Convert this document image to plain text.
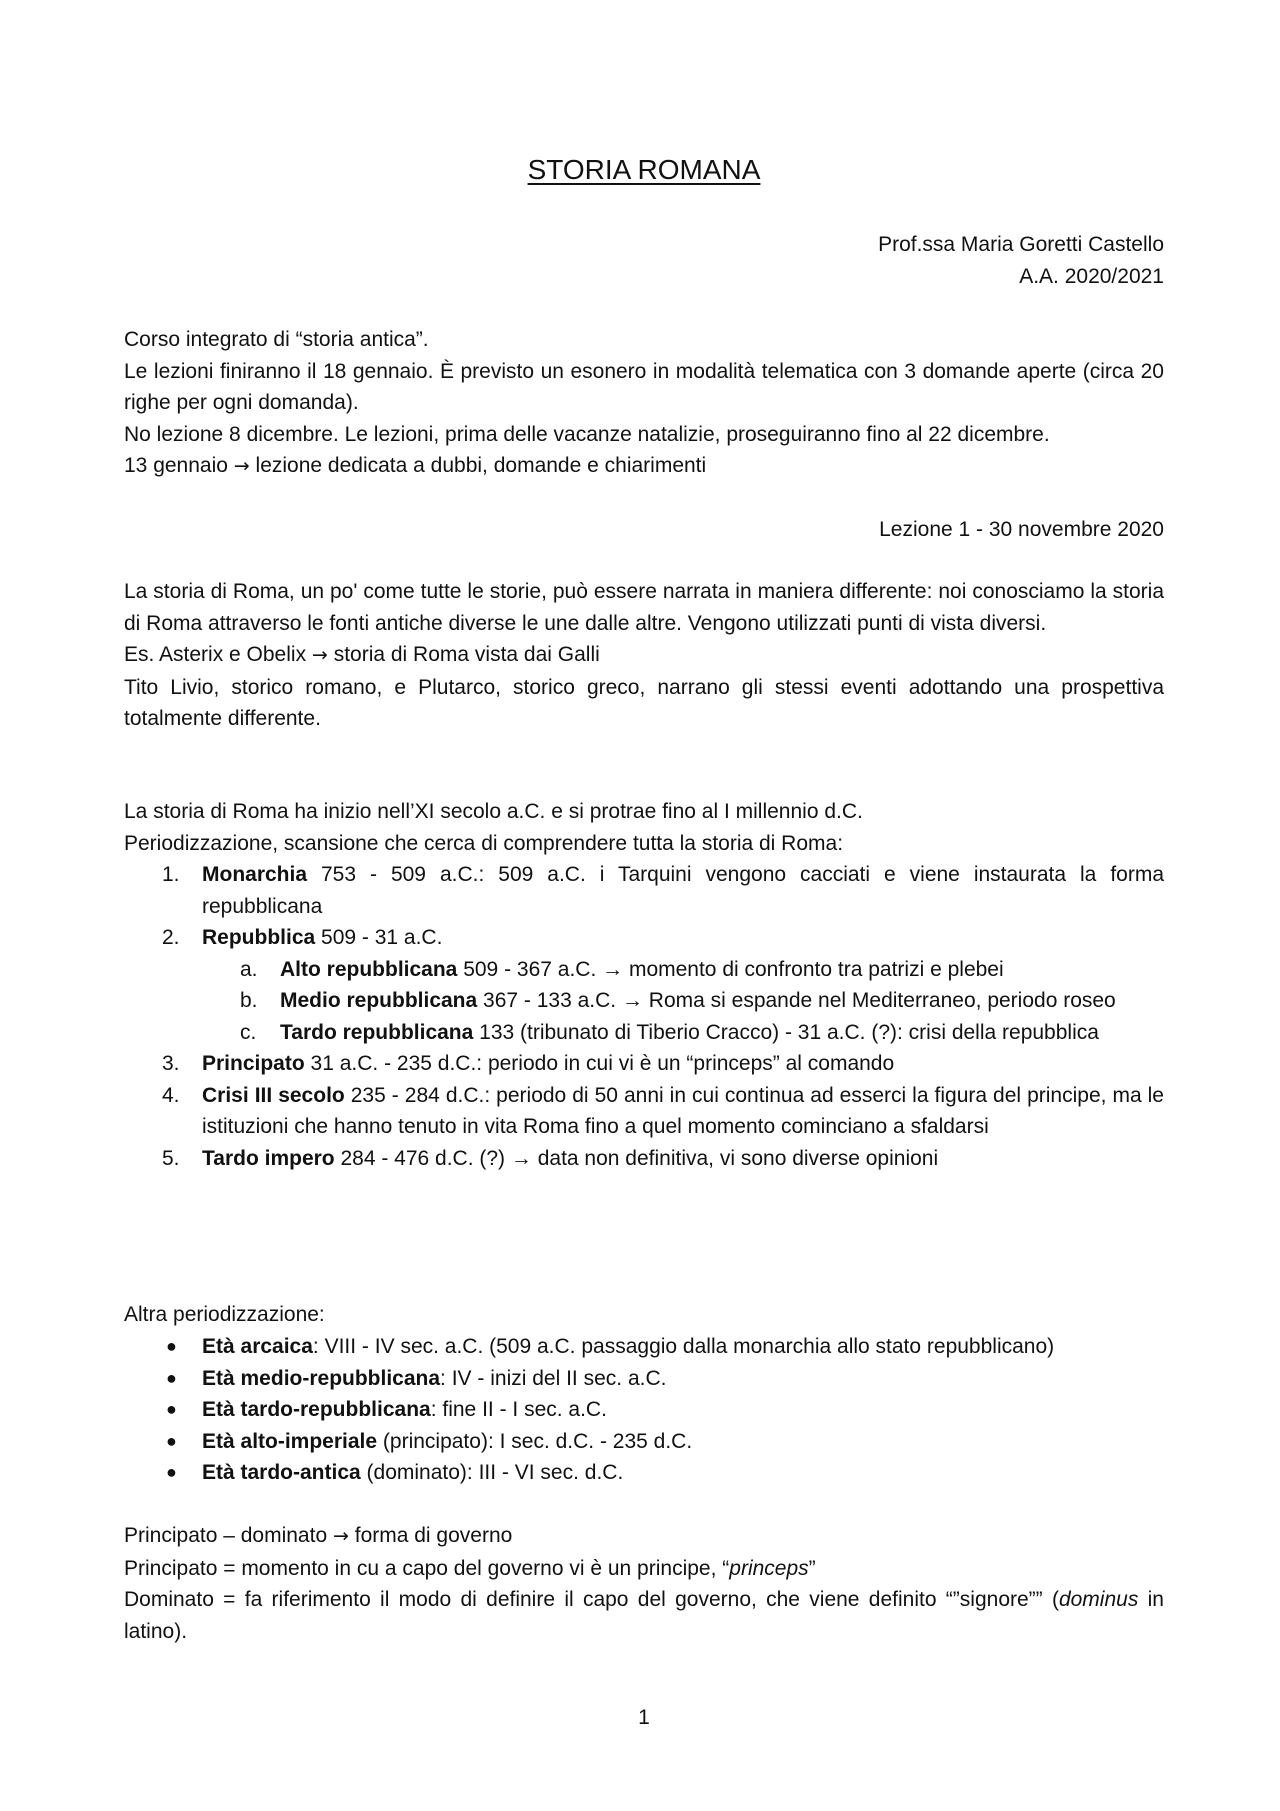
STORIA ROMANA
Prof.ssa Maria Goretti Castello
A.A. 2020/2021
Corso integrato di “storia antica”.
Le lezioni finiranno il 18 gennaio. È previsto un esonero in modalità telematica con 3 domande aperte (circa 20 righe per ogni domanda).
No lezione 8 dicembre. Le lezioni, prima delle vacanze natalizie, proseguiranno fino al 22 dicembre.
13 gennaio → lezione dedicata a dubbi, domande e chiarimenti
Lezione 1 - 30 novembre 2020
La storia di Roma, un po' come tutte le storie, può essere narrata in maniera differente: noi conosciamo la storia di Roma attraverso le fonti antiche diverse le une dalle altre. Vengono utilizzati punti di vista diversi.
Es. Asterix e Obelix → storia di Roma vista dai Galli
Tito Livio, storico romano, e Plutarco, storico greco, narrano gli stessi eventi adottando una prospettiva totalmente differente.
La storia di Roma ha inizio nell’XI secolo a.C. e si protrae fino al I millennio d.C.
Periodizzazione, scansione che cerca di comprendere tutta la storia di Roma:
1. Monarchia 753 - 509 a.C.: 509 a.C. i Tarquini vengono cacciati e viene instaurata la forma repubblicana
2. Repubblica 509 - 31 a.C.
a. Alto repubblicana 509 - 367 a.C. → momento di confronto tra patrizi e plebei
b. Medio repubblicana 367 - 133 a.C. → Roma si espande nel Mediterraneo, periodo roseo
c. Tardo repubblicana 133 (tribunato di Tiberio Cracco) - 31 a.C. (?): crisi della repubblica
3. Principato 31 a.C. - 235 d.C.: periodo in cui vi è un “princeps” al comando
4. Crisi III secolo 235 - 284 d.C.: periodo di 50 anni in cui continua ad esserci la figura del principe, ma le istituzioni che hanno tenuto in vita Roma fino a quel momento cominciano a sfaldarsi
5. Tardo impero 284 - 476 d.C. (?) → data non definitiva, vi sono diverse opinioni
Altra periodizzazione:
● Età arcaica: VIII - IV sec. a.C. (509 a.C. passaggio dalla monarchia allo stato repubblicano)
● Età medio-repubblicana: IV - inizi del II sec. a.C.
● Età tardo-repubblicana: fine II - I sec. a.C.
● Età alto-imperiale (principato): I sec. d.C. - 235 d.C.
● Età tardo-antica (dominato): III - VI sec. d.C.
Principato – dominato → forma di governo
Principato = momento in cu a capo del governo vi è un principe, “princeps”
Dominato = fa riferimento il modo di definire il capo del governo, che viene definito “”signore”” (dominus in latino).
1
